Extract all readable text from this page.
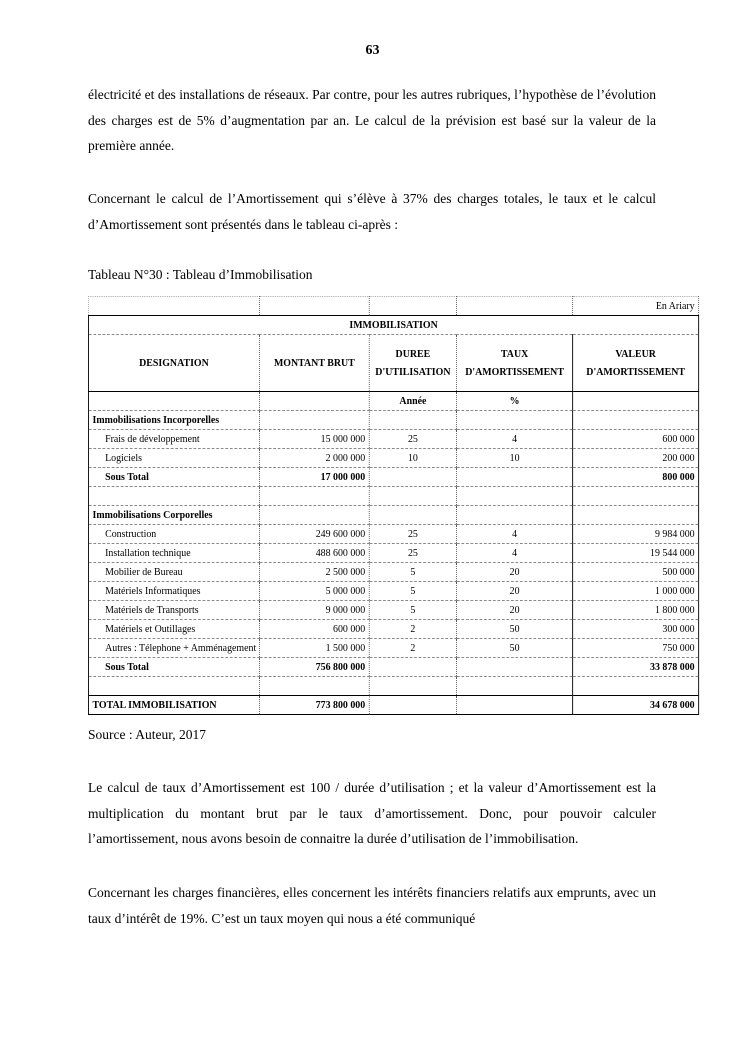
63
électricité et des installations de réseaux. Par contre, pour les autres rubriques, l’hypothèse de l’évolution des charges est de 5% d’augmentation par an. Le calcul de la prévision est basé sur la valeur de la première année.
Concernant le calcul de l’Amortissement qui s’élève à 37% des charges totales, le taux et le calcul d’Amortissement sont présentés dans le tableau ci-après :
Tableau N°30 : Tableau d’Immobilisation
				En Ariary
IMMOBILISATION				
DESIGNATION	MONTANT BRUT	DUREE D'UTILISATION	TAUX D'AMORTISSEMENT	VALEUR D'AMORTISSEMENT
		Année	%	
Immobilisations Incorporelles				
Frais de développement	15 000 000	25	4	600 000
Logiciels	2 000 000	10	10	200 000
Sous Total	17 000 000			800 000

Immobilisations Corporelles				
Construction	249 600 000	25	4	9 984 000
Installation technique	488 600 000	25	4	19 544 000
Mobilier de Bureau	2 500 000	5	20	500 000
Matériels Informatiques	5 000 000	5	20	1 000 000
Matériels de Transports	9 000 000	5	20	1 800 000
Matériels et Outillages	600 000	2	50	300 000
Autres : Télephone + Amménagement	1 500 000	2	50	750 000
Sous Total	756 800 000			33 878 000

TOTAL IMMOBILISATION	773 800 000			34 678 000
Source : Auteur, 2017
Le calcul de taux d’Amortissement est 100 / durée d’utilisation ; et la valeur d’Amortissement est la multiplication du montant brut par le taux d’amortissement. Donc, pour pouvoir calculer l’amortissement, nous avons besoin de connaitre la durée d’utilisation de l’immobilisation.
Concernant les charges financières, elles concernent les intérêts financiers relatifs aux emprunts, avec un taux d’intérêt de 19%. C’est un taux moyen qui nous a été communiqué
